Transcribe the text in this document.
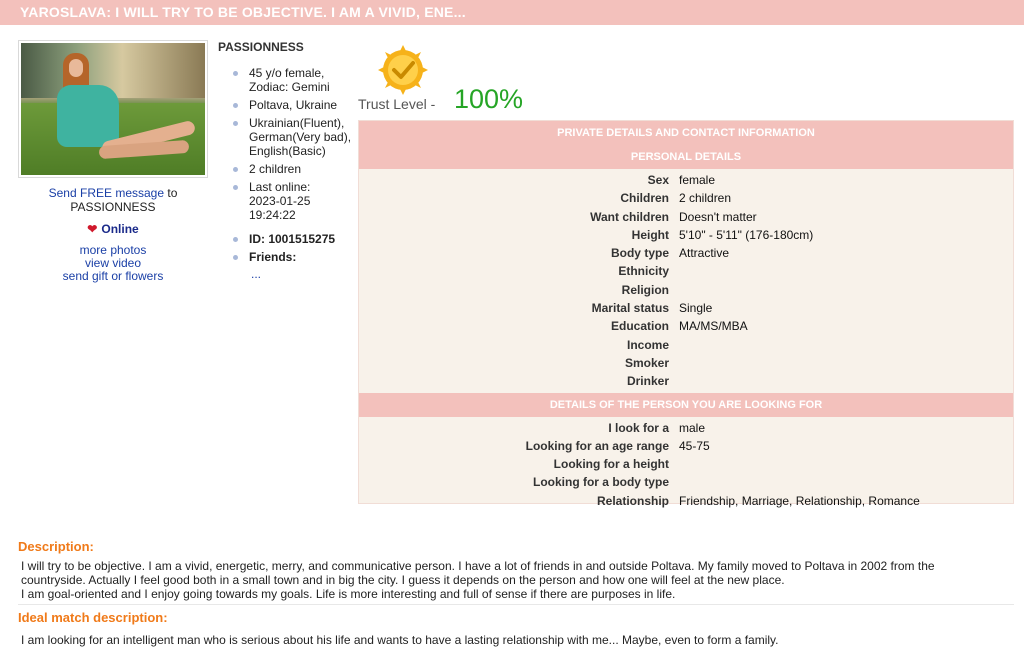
YAROSLAVA: I WILL TRY TO BE OBJECTIVE. I AM A VIVID, ENE...
Send FREE message to
PASSIONNESS
❤ Online
more photos
view video
send gift or flowers
PASSIONNESS
45 y/o female, Zodiac: Gemini
Poltava, Ukraine
Ukrainian(Fluent), German(Very bad), English(Basic)
2 children
Last online:
2023-01-25 19:24:22
ID: 1001515275
Friends:
...
Trust Level - 100%
PRIVATE DETAILS AND CONTACT INFORMATION
PERSONAL DETAILS
Sex female
Children 2 children
Want children Doesn't matter
Height 5'10" - 5'11" (176-180cm)
Body type Attractive
Ethnicity
Religion
Marital status Single
Education MA/MS/MBA
Income
Smoker
Drinker
DETAILS OF THE PERSON YOU ARE LOOKING FOR
I look for a male
Looking for an age range 45-75
Looking for a height
Looking for a body type
Relationship Friendship, Marriage, Relationship, Romance
Description:
I will try to be objective. I am a vivid, energetic, merry, and communicative person. I have a lot of friends in and outside Poltava. My family moved to Poltava in 2002 from the
countryside. Actually I feel good both in a small town and in big the city. I guess it depends on the person and how one will feel at the new place.
I am goal-oriented and I enjoy going towards my goals. Life is more interesting and full of sense if there are purposes in life.
Ideal match description:
I am looking for an intelligent man who is serious about his life and wants to have a lasting relationship with me... Maybe, even to form a family.
